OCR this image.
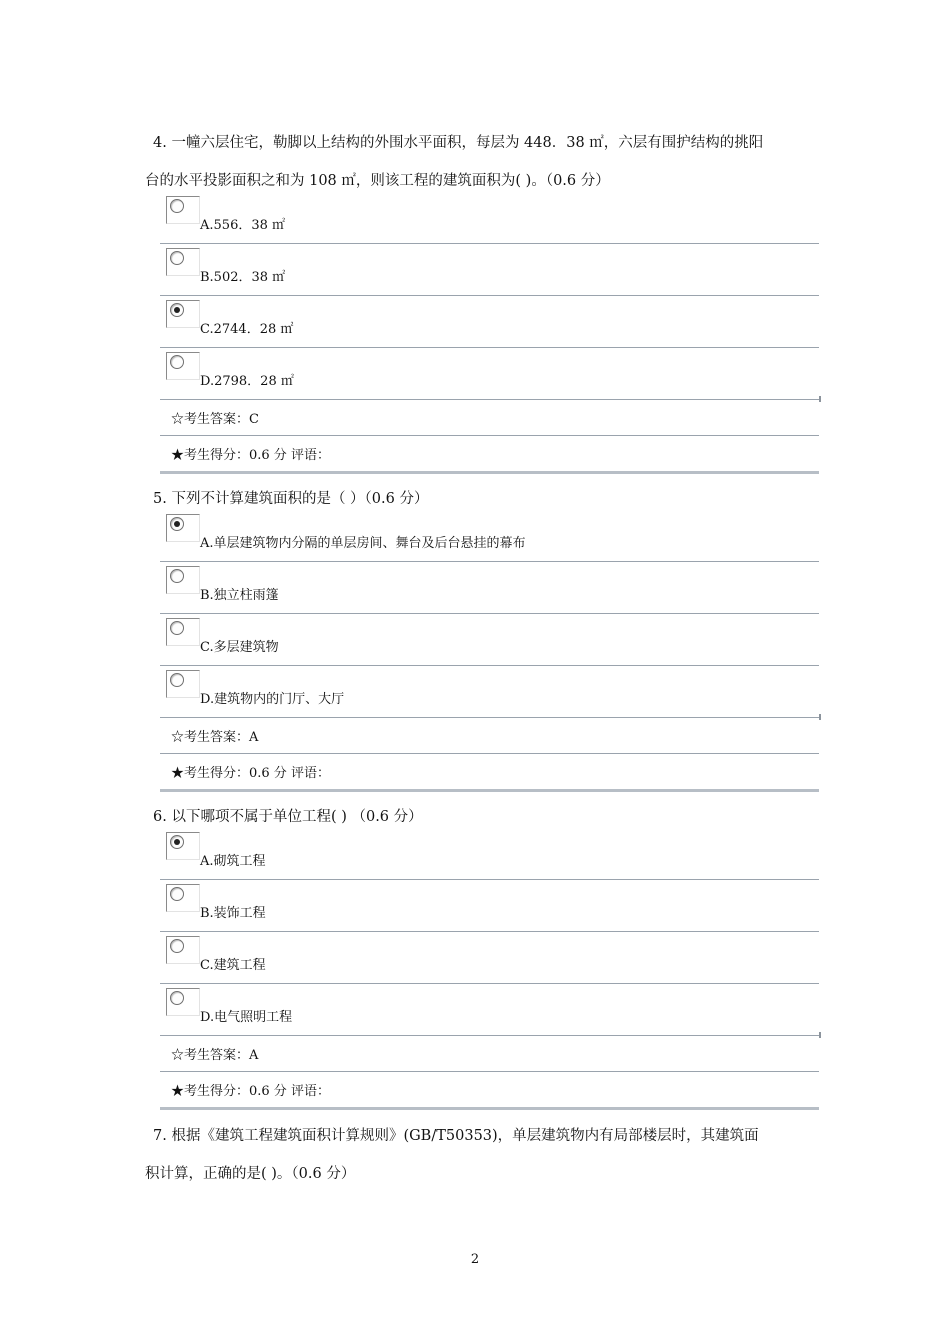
4. 一幢六层住宅，勒脚以上结构的外围水平面积，每层为 448．38 ㎡，六层有围护结构的挑阳
台的水平投影面积之和为 108 ㎡，则该工程的建筑面积为( )。（0.6 分）
A.556．38 ㎡
B.502．38 ㎡
C.2744．28 ㎡
D.2798．28 ㎡
☆考生答案：C
★考生得分：0.6 分 评语：
5. 下列不计算建筑面积的是（ ）（0.6 分）
A.单层建筑物内分隔的单层房间、舞台及后台悬挂的幕布
B.独立柱雨篷
C.多层建筑物
D.建筑物内的门厅、大厅
☆考生答案：A
★考生得分：0.6 分 评语：
6. 以下哪项不属于单位工程( ) （0.6 分）
A.砌筑工程
B.装饰工程
C.建筑工程
D.电气照明工程
☆考生答案：A
★考生得分：0.6 分 评语：
7. 根据《建筑工程建筑面积计算规则》(GB/T50353)，单层建筑物内有局部楼层时，其建筑面
积计算，正确的是( )。（0.6 分）
2
